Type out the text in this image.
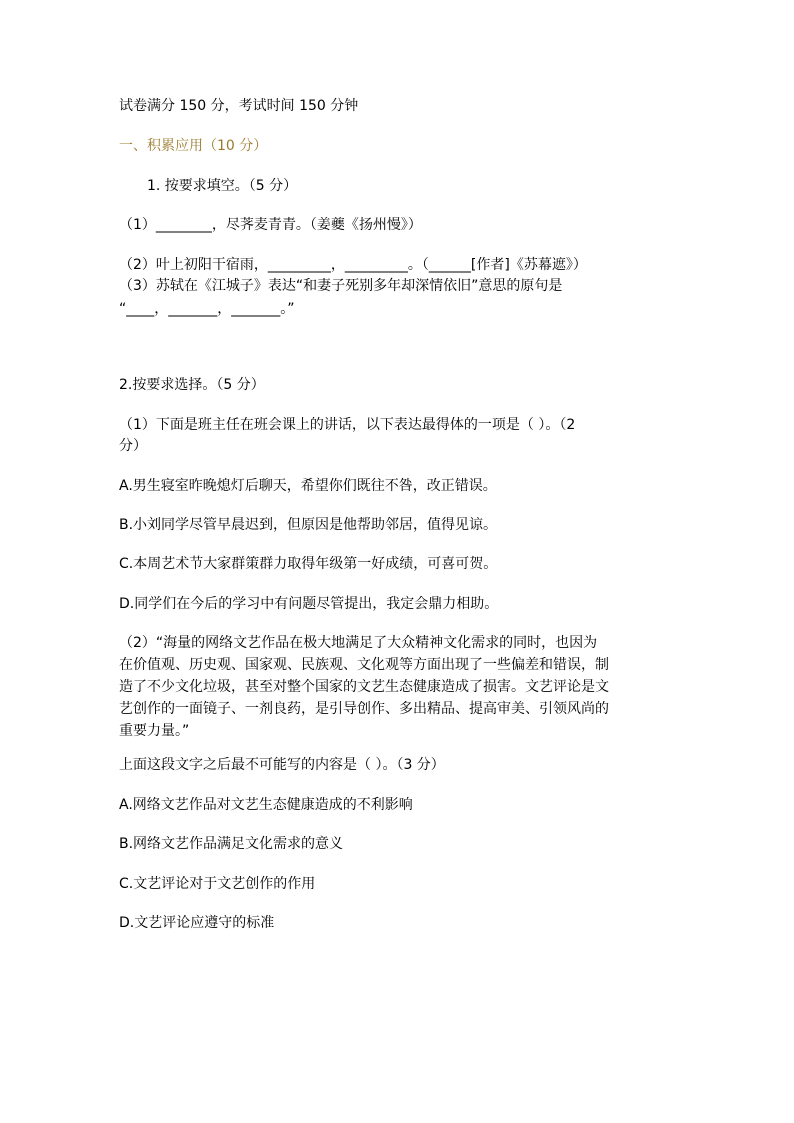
试卷满分 150 分，考试时间 150 分钟
一、积累应用（10 分）
1. 按要求填空。（5 分）
（1）________，尽荠麦青青。（姜夔《扬州慢》）
（2）叶上初阳干宿雨，_________，_________。（______[作者]《苏幕遮》）
（3）苏轼在《江城子》表达“和妻子死别多年却深情依旧”意思的原句是
“____，_______，_______。”
2.按要求选择。（5 分）
（1）下面是班主任在班会课上的讲话，以下表达最得体的一项是（ ）。（2
分）
A.男生寝室昨晚熄灯后聊天，希望你们既往不咎，改正错误。
B.小刘同学尽管早晨迟到，但原因是他帮助邻居，值得见谅。
C.本周艺术节大家群策群力取得年级第一好成绩，可喜可贺。
D.同学们在今后的学习中有问题尽管提出，我定会鼎力相助。
（2）“海量的网络文艺作品在极大地满足了大众精神文化需求的同时，也因为
在价值观、历史观、国家观、民族观、文化观等方面出现了一些偏差和错误，制
造了不少文化垃圾，甚至对整个国家的文艺生态健康造成了损害。文艺评论是文
艺创作的一面镜子、一剂良药，是引导创作、多出精品、提高审美、引领风尚的
重要力量。”
上面这段文字之后最不可能写的内容是（ ）。（3 分）
A.网络文艺作品对文艺生态健康造成的不利影响
B.网络文艺作品满足文化需求的意义
C.文艺评论对于文艺创作的作用
D.文艺评论应遵守的标准
